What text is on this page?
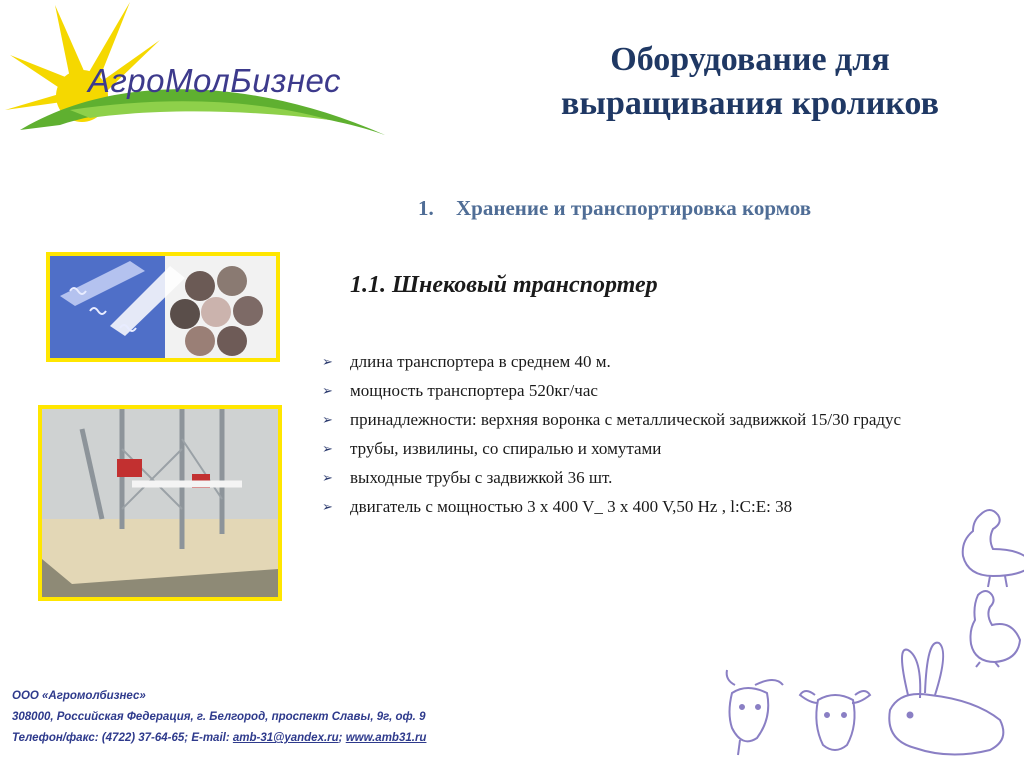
АгроМолБизнес
Оборудование для
выращивания кроликов
1. Хранение и транспортировка кормов
1.1. Шнековый транспортер
➢	длина транспортера в среднем 40 м.
➢	мощность транспортера 520кг/час
➢	принадлежности: верхняя воронка с металлической задвижкой 15/30 градус
➢	трубы, извилины, со спиралью и хомутами
➢	выходные трубы с задвижкой 36 шт.
➢	двигатель с мощностью 3 x 400 V_ 3 x 400 V,50 Hz , l:C:E: 38
ООО «Агромолбизнес»
308000, Российская Федерация, г. Белгород, проспект Славы, 9г, оф. 9
Телефон/факс: (4722) 37-64-65; E-mail: amb-31@yandex.ru; www.amb31.ru
